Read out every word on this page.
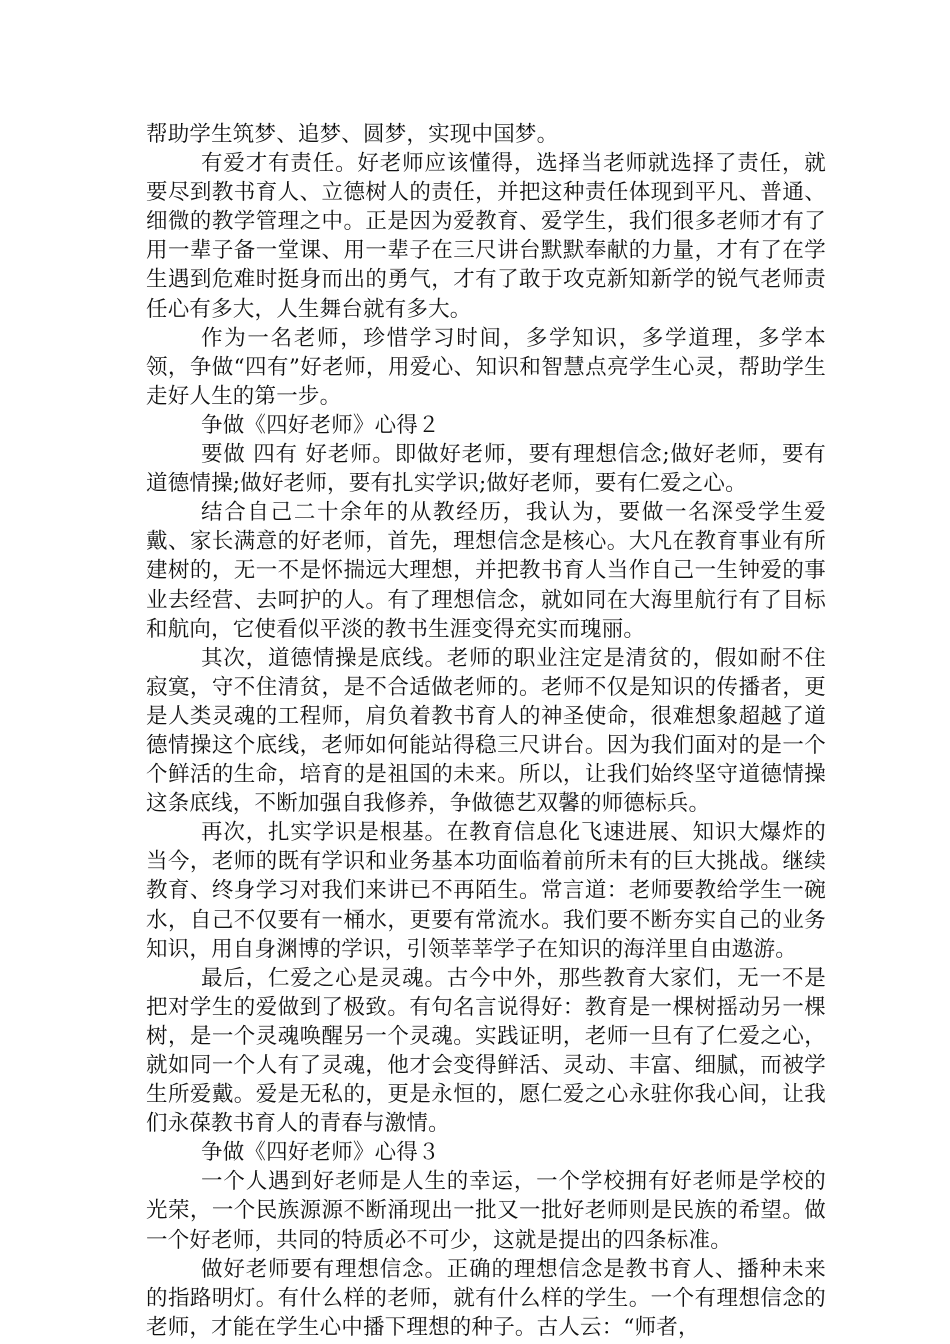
帮助学生筑梦、追梦、圆梦，实现中国梦。

有爱才有责任。好老师应该懂得，选择当老师就选择了责任，就要尽到教书育人、立德树人的责任，并把这种责任体现到平凡、普通、细微的教学管理之中。正是因为爱教育、爱学生，我们很多老师才有了用一辈子备一堂课、用一辈子在三尺讲台默默奉献的力量，才有了在学生遇到危难时挺身而出的勇气，才有了敢于攻克新知新学的锐气老师责任心有多大，人生舞台就有多大。

作为一名老师，珍惜学习时间，多学知识，多学道理，多学本领，争做“四有”好老师，用爱心、知识和智慧点亮学生心灵，帮助学生走好人生的第一步。

争做《四好老师》心得２

要做 四有 好老师。即做好老师，要有理想信念;做好老师，要有道德情操;做好老师，要有扎实学识;做好老师，要有仁爱之心。

结合自己二十余年的从教经历，我认为，要做一名深受学生爱戴、家长满意的好老师，首先，理想信念是核心。大凡在教育事业有所建树的，无一不是怀揣远大理想，并把教书育人当作自己一生钟爱的事业去经营、去呵护的人。有了理想信念，就如同在大海里航行有了目标和航向，它使看似平淡的教书生涯变得充实而瑰丽。

其次，道德情操是底线。老师的职业注定是清贫的，假如耐不住寂寞，守不住清贫，是不合适做老师的。老师不仅是知识的传播者，更是人类灵魂的工程师，肩负着教书育人的神圣使命，很难想象超越了道德情操这个底线，老师如何能站得稳三尺讲台。因为我们面对的是一个个鲜活的生命，培育的是祖国的未来。所以，让我们始终坚守道德情操这条底线，不断加强自我修养，争做德艺双馨的师德标兵。

再次，扎实学识是根基。在教育信息化飞速进展、知识大爆炸的当今，老师的既有学识和业务基本功面临着前所未有的巨大挑战。继续教育、终身学习对我们来讲已不再陌生。常言道：老师要教给学生一碗水，自己不仅要有一桶水，更要有常流水。我们要不断夯实自己的业务知识，用自身渊博的学识，引领莘莘学子在知识的海洋里自由遨游。

最后，仁爱之心是灵魂。古今中外，那些教育大家们，无一不是把对学生的爱做到了极致。有句名言说得好：教育是一棵树摇动另一棵树，是一个灵魂唤醒另一个灵魂。实践证明，老师一旦有了仁爱之心，就如同一个人有了灵魂，他才会变得鲜活、灵动、丰富、细腻，而被学生所爱戴。爱是无私的，更是永恒的，愿仁爱之心永驻你我心间，让我们永葆教书育人的青春与激情。

争做《四好老师》心得３

一个人遇到好老师是人生的幸运，一个学校拥有好老师是学校的光荣，一个民族源源不断涌现出一批又一批好老师则是民族的希望。做一个好老师，共同的特质必不可少，这就是提出的四条标准。

做好老师要有理想信念。正确的理想信念是教书育人、播种未来的指路明灯。有什么样的老师，就有什么样的学生。一个有理想信念的老师，才能在学生心中播下理想的种子。古人云：“师者，
